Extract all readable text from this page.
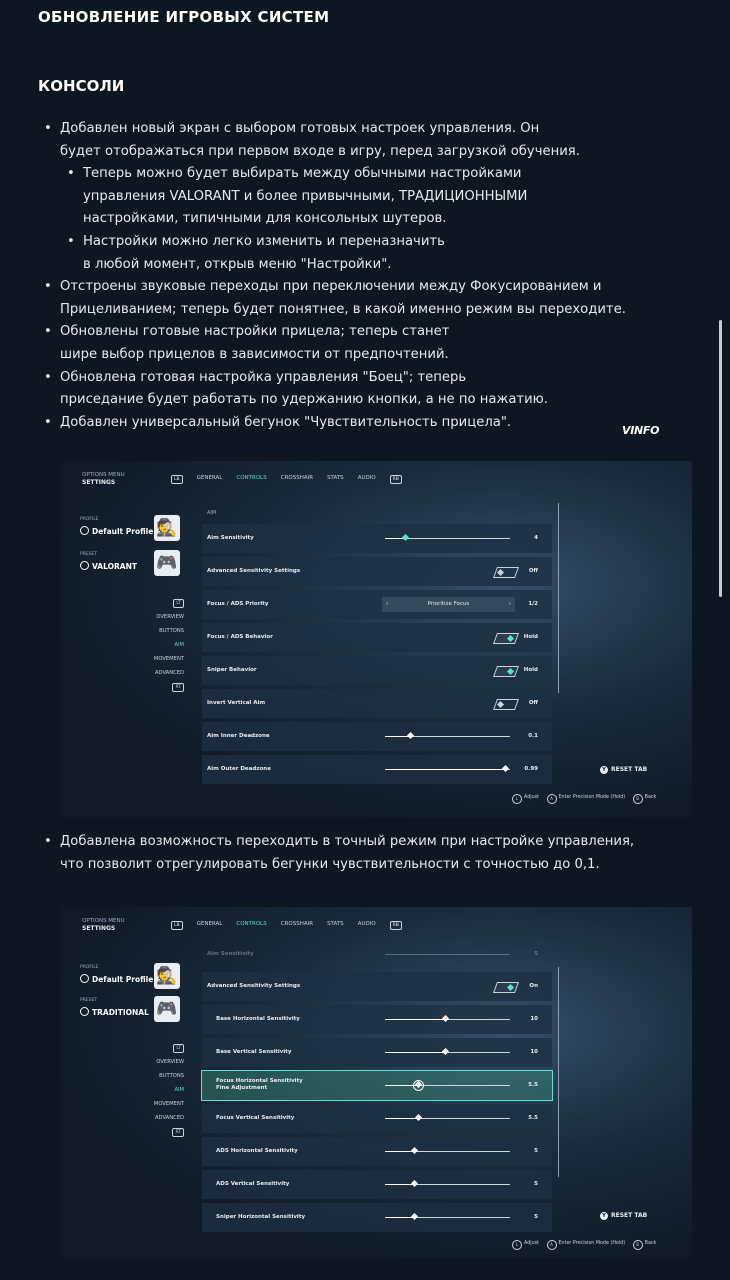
ОБНОВЛЕНИЕ ИГРОВЫХ СИСТЕМ
КОНСОЛИ
• Добавлен новый экран с выбором готовых настроек управления. Он
будет отображаться при первом входе в игру, перед загрузкой обучения.
• Теперь можно будет выбирать между обычными настройками
управления VALORANT и более привычными, ТРАДИЦИОННЫМИ
настройками, типичными для консольных шутеров.
• Настройки можно легко изменить и переназначить
в любой момент, открыв меню "Настройки".
• Отстроены звуковые переходы при переключении между Фокусированием и
Прицеливанием; теперь будет понятнее, в какой именно режим вы переходите.
• Обновлены готовые настройки прицела; теперь станет
шире выбор прицелов в зависимости от предпочтений.
• Обновлена готовая настройка управления "Боец"; теперь
приседание будет работать по удержанию кнопки, а не по нажатию.
• Добавлен универсальный бегунок "Чувствительность прицела".
VINFO
OPTIONS MENU
SETTINGS	LB	GENERAL	CONTROLS	CROSSHAIR	STATS	AUDIO	RB
PROFILE
Default Profile 🕵
PRESET
VALORANT 🎮
LT
OVERVIEW
BUTTONS
AIM
MOVEMENT
ADVANCED
RT
AIM
Aim Sensitivity	4
Advanced Sensitivity Settings	Off
Focus / ADS Priority	‹	Prioritize Focus	›	1/2
Focus / ADS Behavior	Hold
Sniper Behavior	Hold
Invert Vertical Aim	Off
Aim Inner Deadzone	0.1
Aim Outer Deadzone	0.99	Y RESET TAB
L Adjust	A Enter Precision Mode (Hold)	B Back
• Добавлена возможность переходить в точный режим при настройке управления,
что позволит отрегулировать бегунки чувствительности с точностью до 0,1.
OPTIONS MENU
SETTINGS	LB	GENERAL	CONTROLS	CROSSHAIR	STATS	AUDIO	RB
PROFILE
Default Profile 🕵
PRESET
TRADITIONAL 🎮
LT
OVERVIEW
BUTTONS
AIM
MOVEMENT
ADVANCED
RT
Aim Sensitivity	5
Advanced Sensitivity Settings	On
Base Horizontal Sensitivity	10
Base Vertical Sensitivity	10
Focus Horizontal Sensitivity
Fine Adjustment	5.5
Focus Vertical Sensitivity	5.5
ADS Horizontal Sensitivity	5
ADS Vertical Sensitivity	5
Sniper Horizontal Sensitivity	5	Y RESET TAB
L Adjust	A Enter Precision Mode (Hold)	B Back
